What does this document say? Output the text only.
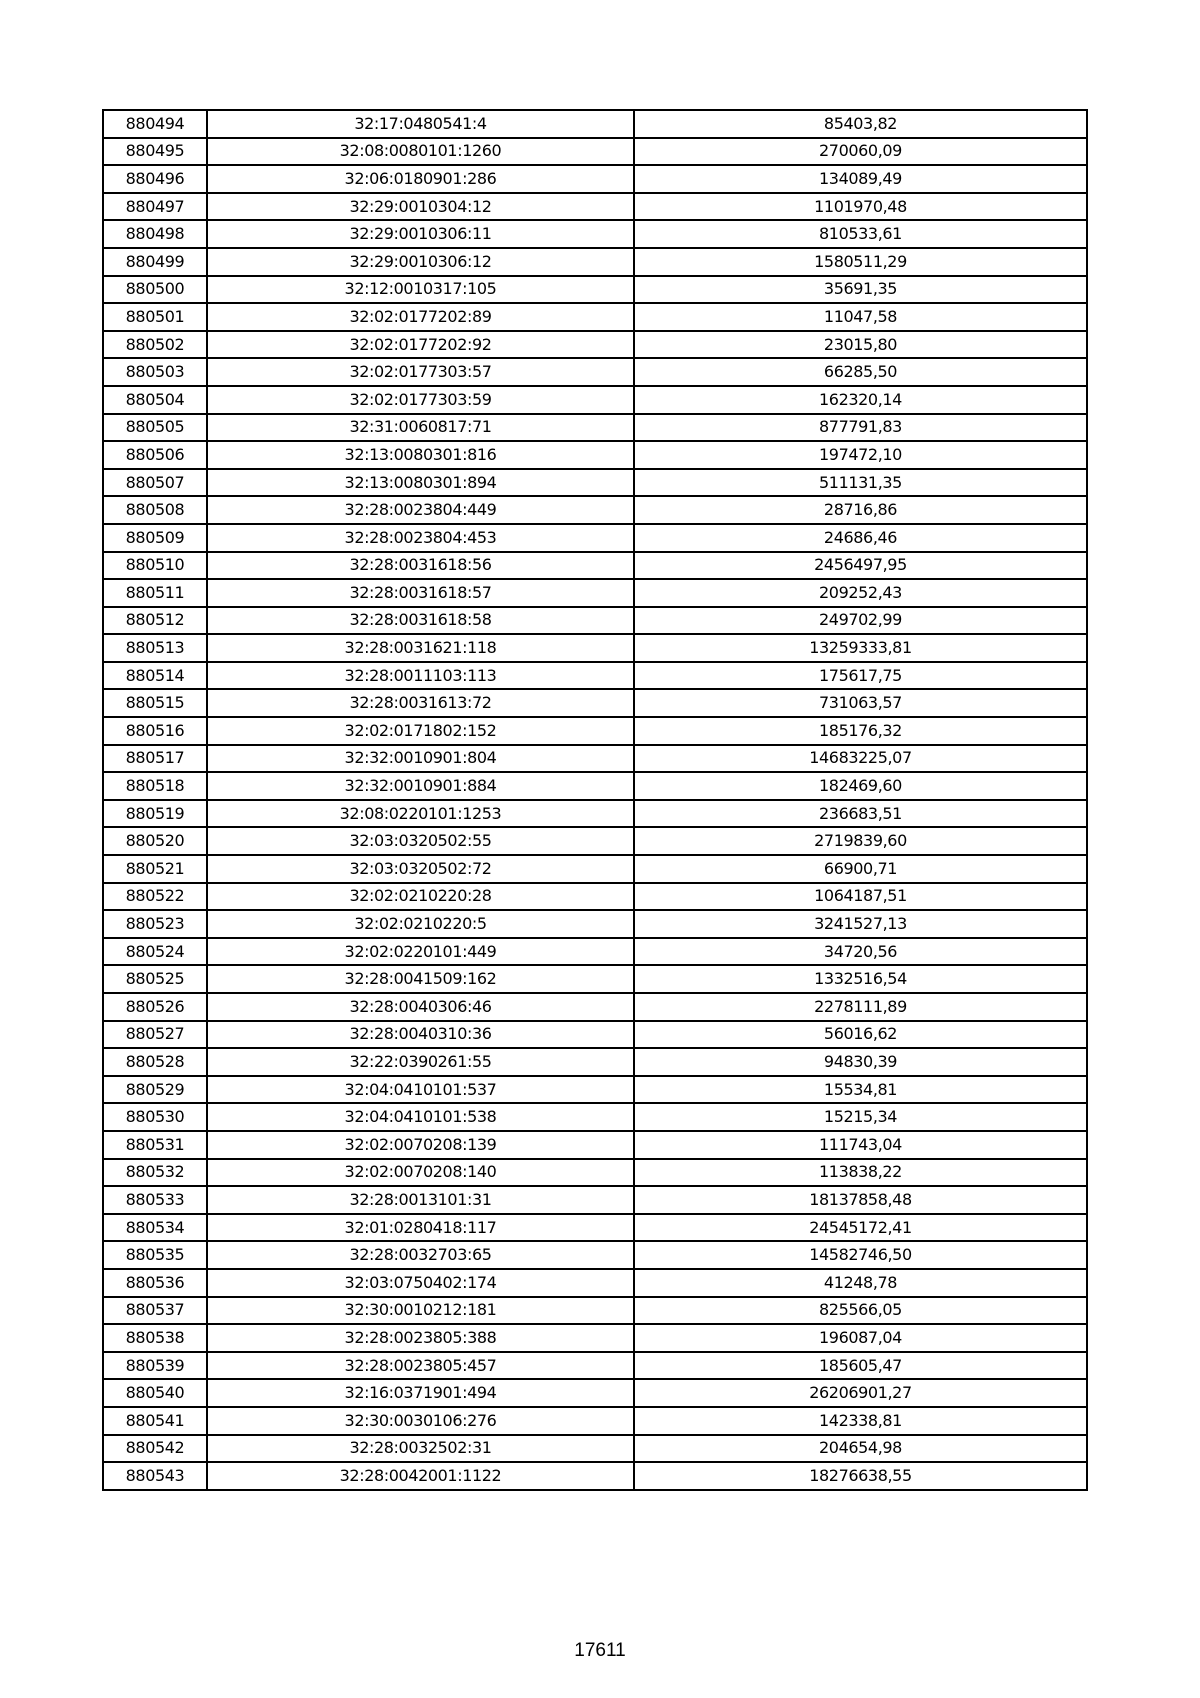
880494	32:17:0480541:4	85403,82
880495	32:08:0080101:1260	270060,09
880496	32:06:0180901:286	134089,49
880497	32:29:0010304:12	1101970,48
880498	32:29:0010306:11	810533,61
880499	32:29:0010306:12	1580511,29
880500	32:12:0010317:105	35691,35
880501	32:02:0177202:89	11047,58
880502	32:02:0177202:92	23015,80
880503	32:02:0177303:57	66285,50
880504	32:02:0177303:59	162320,14
880505	32:31:0060817:71	877791,83
880506	32:13:0080301:816	197472,10
880507	32:13:0080301:894	511131,35
880508	32:28:0023804:449	28716,86
880509	32:28:0023804:453	24686,46
880510	32:28:0031618:56	2456497,95
880511	32:28:0031618:57	209252,43
880512	32:28:0031618:58	249702,99
880513	32:28:0031621:118	13259333,81
880514	32:28:0011103:113	175617,75
880515	32:28:0031613:72	731063,57
880516	32:02:0171802:152	185176,32
880517	32:32:0010901:804	14683225,07
880518	32:32:0010901:884	182469,60
880519	32:08:0220101:1253	236683,51
880520	32:03:0320502:55	2719839,60
880521	32:03:0320502:72	66900,71
880522	32:02:0210220:28	1064187,51
880523	32:02:0210220:5	3241527,13
880524	32:02:0220101:449	34720,56
880525	32:28:0041509:162	1332516,54
880526	32:28:0040306:46	2278111,89
880527	32:28:0040310:36	56016,62
880528	32:22:0390261:55	94830,39
880529	32:04:0410101:537	15534,81
880530	32:04:0410101:538	15215,34
880531	32:02:0070208:139	111743,04
880532	32:02:0070208:140	113838,22
880533	32:28:0013101:31	18137858,48
880534	32:01:0280418:117	24545172,41
880535	32:28:0032703:65	14582746,50
880536	32:03:0750402:174	41248,78
880537	32:30:0010212:181	825566,05
880538	32:28:0023805:388	196087,04
880539	32:28:0023805:457	185605,47
880540	32:16:0371901:494	26206901,27
880541	32:30:0030106:276	142338,81
880542	32:28:0032502:31	204654,98
880543	32:28:0042001:1122	18276638,55
17611
